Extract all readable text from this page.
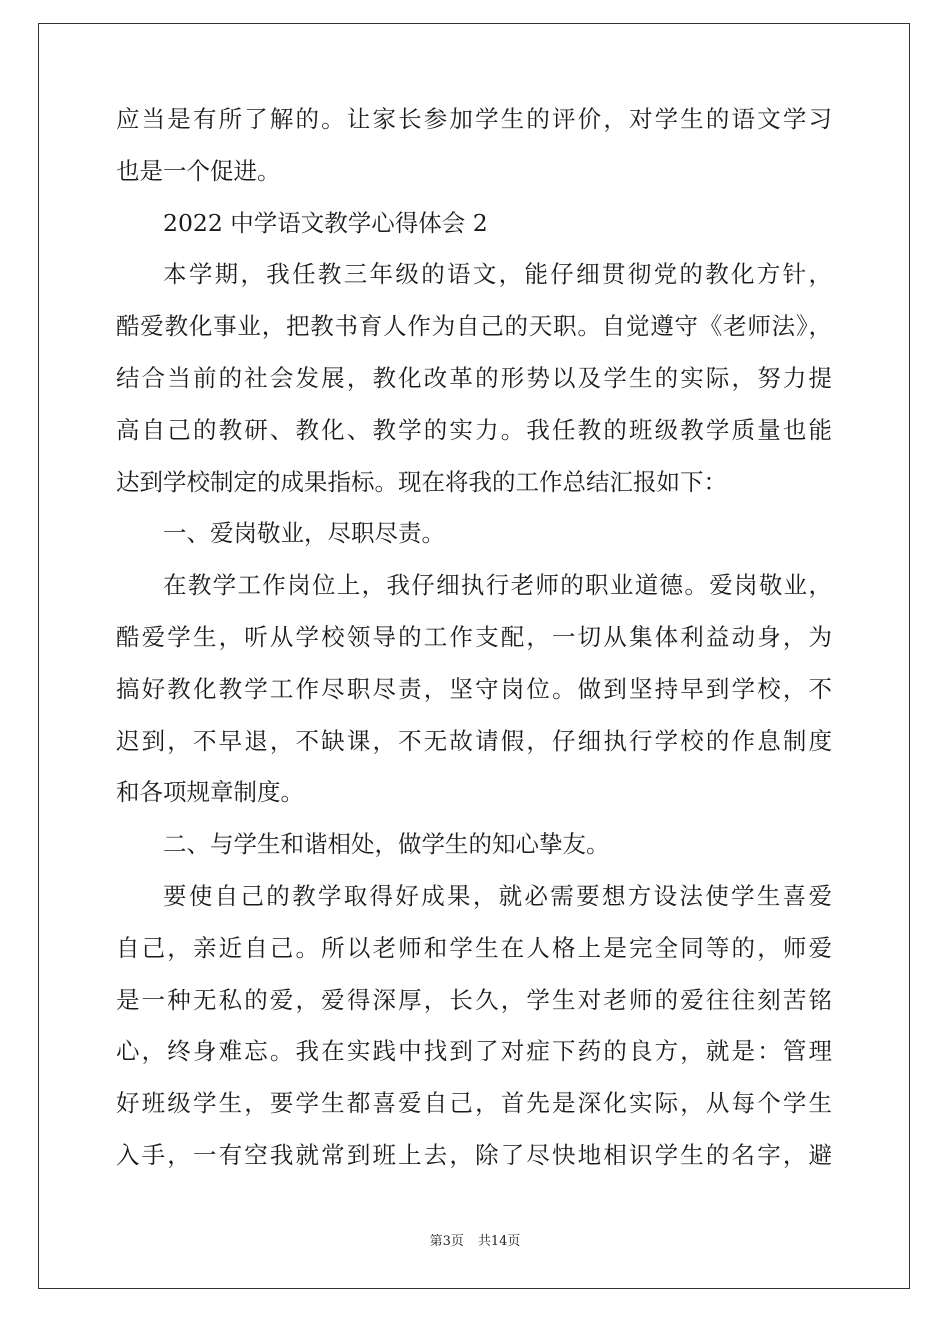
应当是有所了解的。让家长参加学生的评价，对学生的语文学习
也是一个促进。
2022 中学语文教学心得体会 2
本学期，我任教三年级的语文，能仔细贯彻党的教化方针，
酷爱教化事业，把教书育人作为自己的天职。自觉遵守《老师法》，
结合当前的社会发展，教化改革的形势以及学生的实际，努力提
高自己的教研、教化、教学的实力。我任教的班级教学质量也能
达到学校制定的成果指标。现在将我的工作总结汇报如下：
一、爱岗敬业，尽职尽责。
在教学工作岗位上，我仔细执行老师的职业道德。爱岗敬业，
酷爱学生，听从学校领导的工作支配，一切从集体利益动身，为
搞好教化教学工作尽职尽责，坚守岗位。做到坚持早到学校，不
迟到，不早退，不缺课，不无故请假，仔细执行学校的作息制度
和各项规章制度。
二、与学生和谐相处，做学生的知心挚友。
要使自己的教学取得好成果，就必需要想方设法使学生喜爱
自己，亲近自己。所以老师和学生在人格上是完全同等的，师爱
是一种无私的爱，爱得深厚，长久，学生对老师的爱往往刻苦铭
心，终身难忘。我在实践中找到了对症下药的良方，就是：管理
好班级学生，要学生都喜爱自己，首先是深化实际，从每个学生
入手，一有空我就常到班上去，除了尽快地相识学生的名字，避
第3页 共14页
